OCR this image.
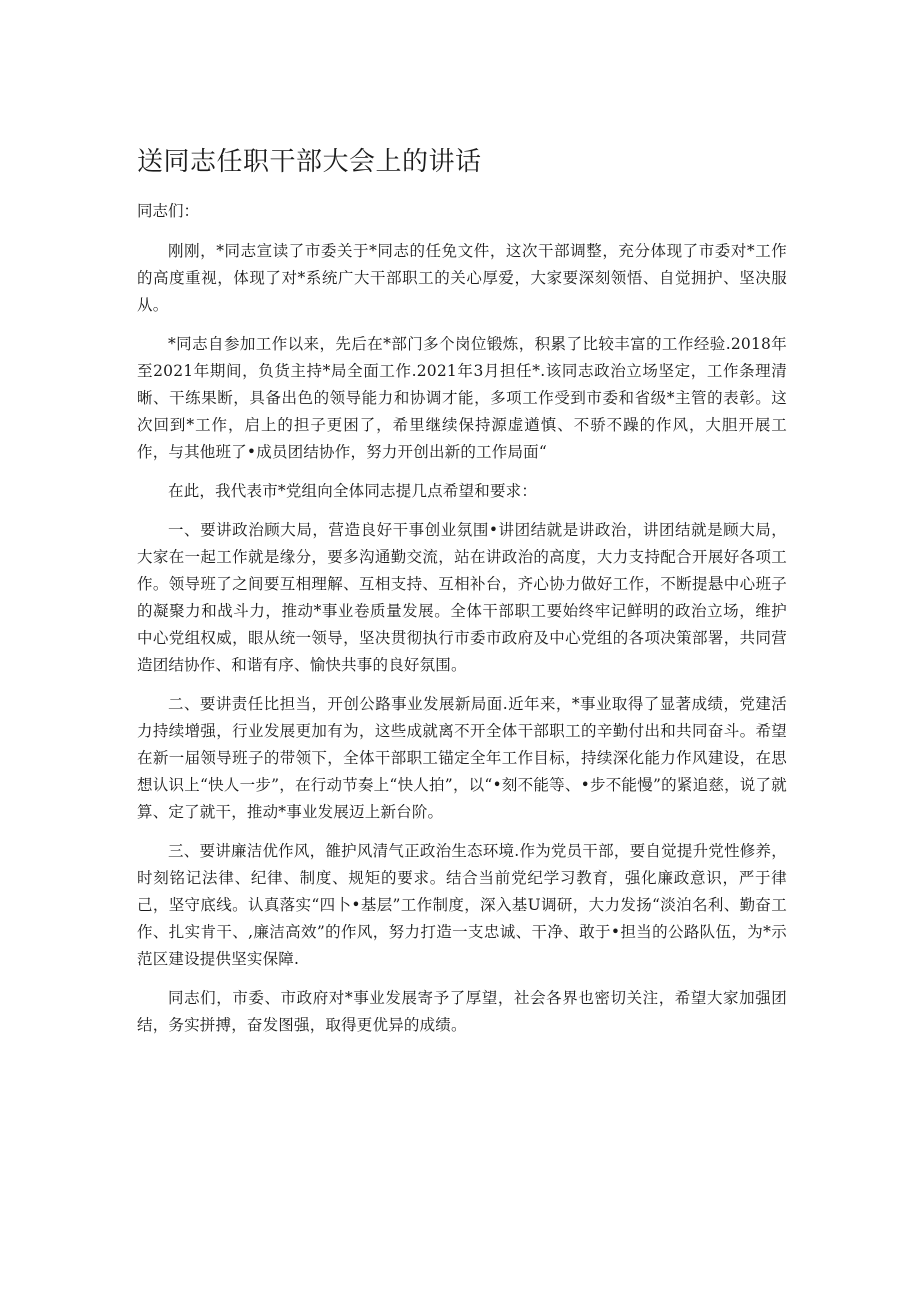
送同志任职干部大会上的讲话

同志们：

刚刚，*同志宣读了市委关于*同志的任免文件，这次干部调整，充分体现了市委对*工作的高度重视，体现了对*系统广大干部职工的关心厚爱，大家要深刻领悟、自觉拥护、坚决服从。

*同志自参加工作以来，先后在*部门多个岗位锻炼，积累了比较丰富的工作经验.2018年至2021年期间，负货主持*局全面工作.2021年3月担任*.该同志政治立场坚定，工作条理清晰、干练果断，具备出色的领导能力和协调才能，多项工作受到市委和省级*主管的表彰。这次回到*工作，启上的担子更困了，希里继续保持源虚遒慎、不骄不躁的作风，大胆开展工作，与其他班了•成员团结协作，努力开创出新的工作局面“

在此，我代表市*党组向全体同志提几点希望和要求：

一、要讲政治顾大局，营造良好干事创业氛围•讲团结就是讲政治，讲团结就是顾大局，大家在一起工作就是缘分，要多沟通勤交流，站在讲政治的高度，大力支持配合开展好各项工作。领导班了之间要互相理解、互相支持、互相补台，齐心协力做好工作，不断提悬中心班子的凝聚力和战斗力，推动*事业卷质量发展。全体干部职工要始终牢记鲜明的政治立场，维护中心党组权威，眼从统一领导，坚决贯彻执行市委市政府及中心党组的各项决策部署，共同营造团结协作、和谐有序、愉快共事的良好氛围。

二、要讲责任比担当，开创公路事业发展新局面.近年来，*事业取得了显著成绩，党建活力持续增强，行业发展更加有为，这些成就离不开全体干部职工的辛勤付出和共同奋斗。希望在新一届领导班子的带领下，全体干部职工锚定全年工作目标，持续深化能力作风建设，在思想认识上“快人一步”，在行动节奏上“快人拍”，以“•刻不能等、•步不能慢”的紧追慈，说了就算、定了就干，推动*事业发展迈上新台阶。

三、要讲廉洁优作风，雒护风清气正政治生态环境.作为党员干部，要自觉提升党性修养，时刻铭记法律、纪律、制度、规矩的要求。结合当前党纪学习教育，强化廉政意识，严于律己，坚守底线。认真落实“四卜•基层”工作制度，深入基U调研，大力发扬“淡泊名利、勤奋工作、扎实肯干、,廉洁高效”的作风，努力打造一支忠诚、干净、敢于•担当的公路队伍，为*示范区建设提供坚实保障.

同志们，市委、市政府对*事业发展寄予了厚望，社会各界也密切关注，希望大家加强团结，务实拼搏，奋发图强，取得更优异的成绩。
